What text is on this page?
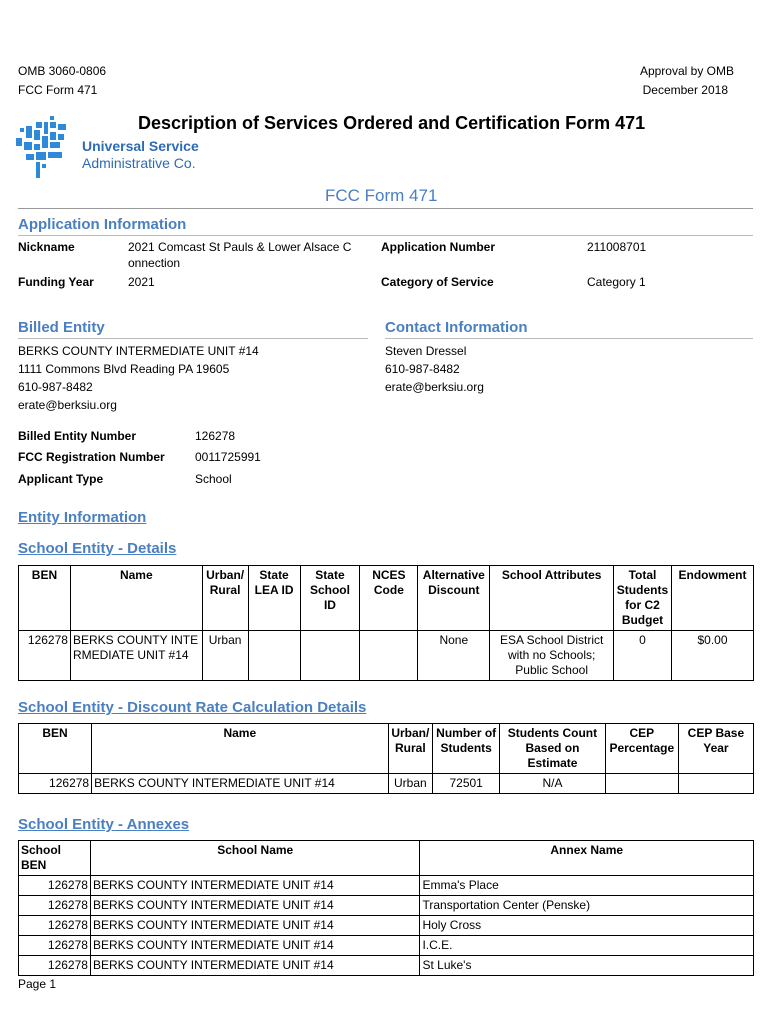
OMB 3060-0806
FCC Form 471
Approval by OMB
December 2018
Universal Service
Administrative Co.
Description of Services Ordered and Certification Form 471
FCC Form 471
Application Information
Nickname	2021 Comcast St Pauls & Lower Alsace C
onnection
Application Number	211008701
Funding Year	2021	Category of Service	Category 1
Billed Entity
BERKS COUNTY INTERMEDIATE UNIT #14
1111 Commons Blvd Reading PA 19605
610-987-8482
erate@berksiu.org
Contact Information
Steven Dressel
610-987-8482
erate@berksiu.org
Billed Entity Number	126278
FCC Registration Number	0011725991
Applicant Type	School
Entity Information
School Entity - Details
BEN	Name	Urban/ Rural	State LEA ID	State School ID	NCES Code	Alternative Discount	School Attributes	Total Students for C2 Budget	Endowment
126278	BERKS COUNTY INTE
RMEDIATE UNIT #14	Urban				None	ESA School District with no Schools; Public School	0	$0.00
School Entity - Discount Rate Calculation Details
BEN	Name	Urban/ Rural	Number of Students	Students Count Based on Estimate	CEP Percentage	CEP Base Year
126278	BERKS COUNTY INTERMEDIATE UNIT #14	Urban	72501	N/A		
School Entity - Annexes
School BEN	School Name	Annex Name
126278	BERKS COUNTY INTERMEDIATE UNIT #14	Emma's Place
126278	BERKS COUNTY INTERMEDIATE UNIT #14	Transportation Center (Penske)
126278	BERKS COUNTY INTERMEDIATE UNIT #14	Holy Cross
126278	BERKS COUNTY INTERMEDIATE UNIT #14	I.C.E.
126278	BERKS COUNTY INTERMEDIATE UNIT #14	St Luke's
Page 1
